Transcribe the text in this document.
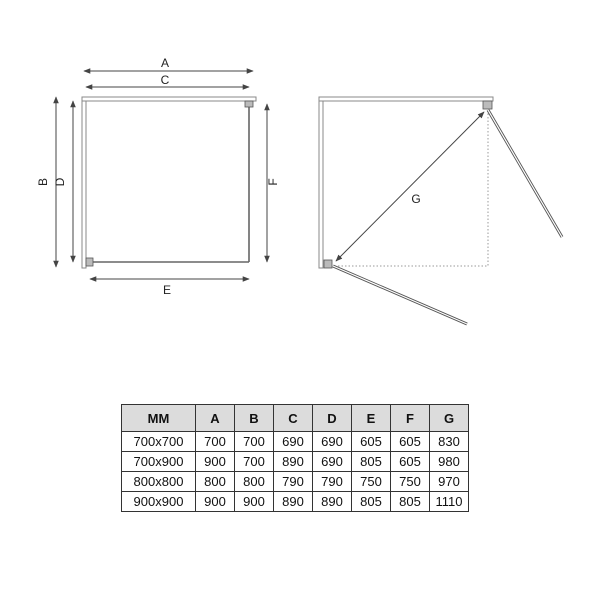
A
C
B D
E
F
G
MM	A	B	C	D	E	F	G
700x700	700	700	690	690	605	605	830
700x900	900	700	890	690	805	605	980
800x800	800	800	790	790	750	750	970
900x900	900	900	890	890	805	805	1110
